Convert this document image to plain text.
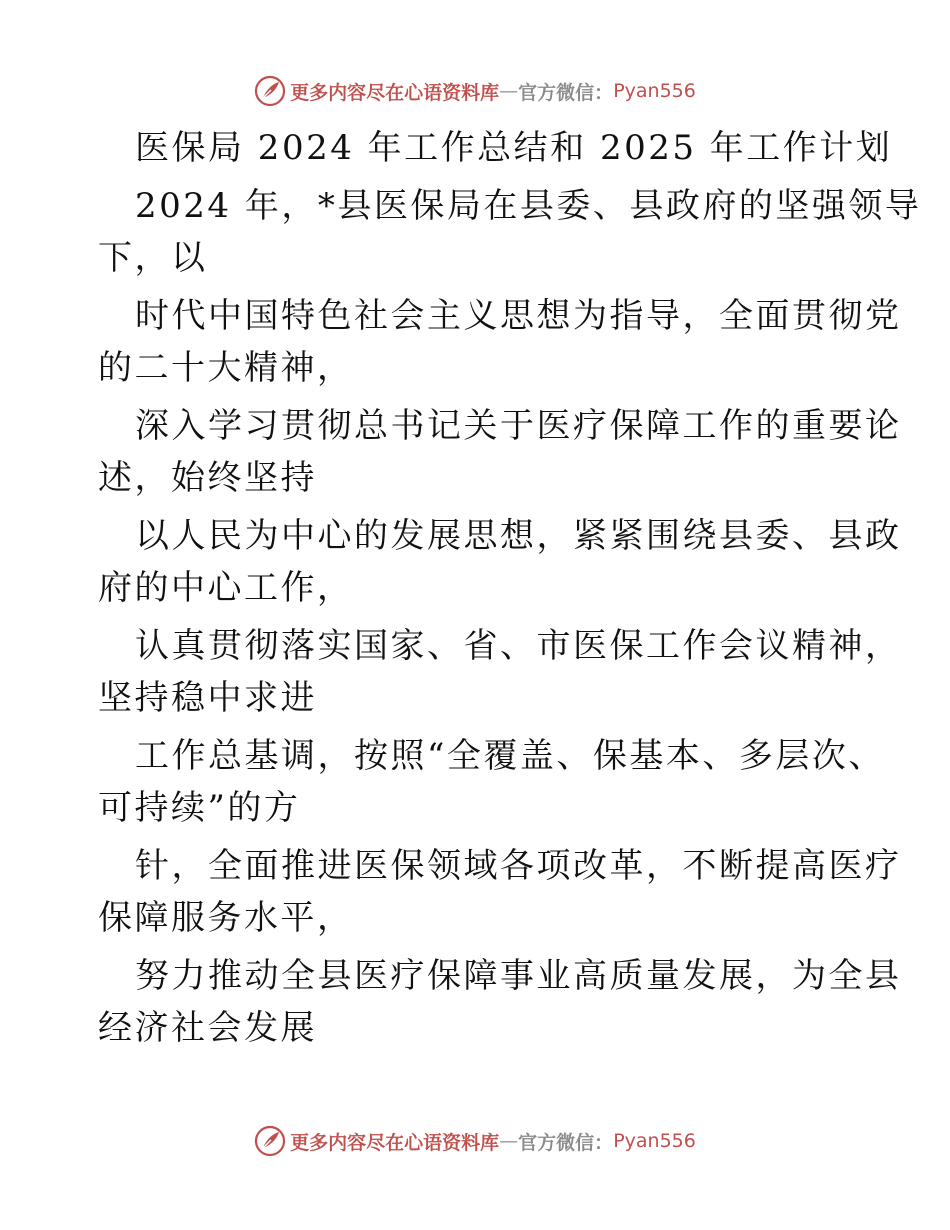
更多内容尽在心语资料库 — 官方微信： Pyan556
医保局 2024 年工作总结和 2025 年工作计划
2024 年，*县医保局在县委、县政府的坚强领导
下，以
时代中国特色社会主义思想为指导，全面贯彻党
的二十大精神，
深入学习贯彻总书记关于医疗保障工作的重要论
述，始终坚持
以人民为中心的发展思想，紧紧围绕县委、县政
府的中心工作，
认真贯彻落实国家、省、市医保工作会议精神，
坚持稳中求进
工作总基调，按照“全覆盖、保基本、多层次、
可持续”的方
针，全面推进医保领域各项改革，不断提高医疗
保障服务水平，
努力推动全县医疗保障事业高质量发展，为全县
经济社会发展
更多内容尽在心语资料库 — 官方微信： Pyan556
